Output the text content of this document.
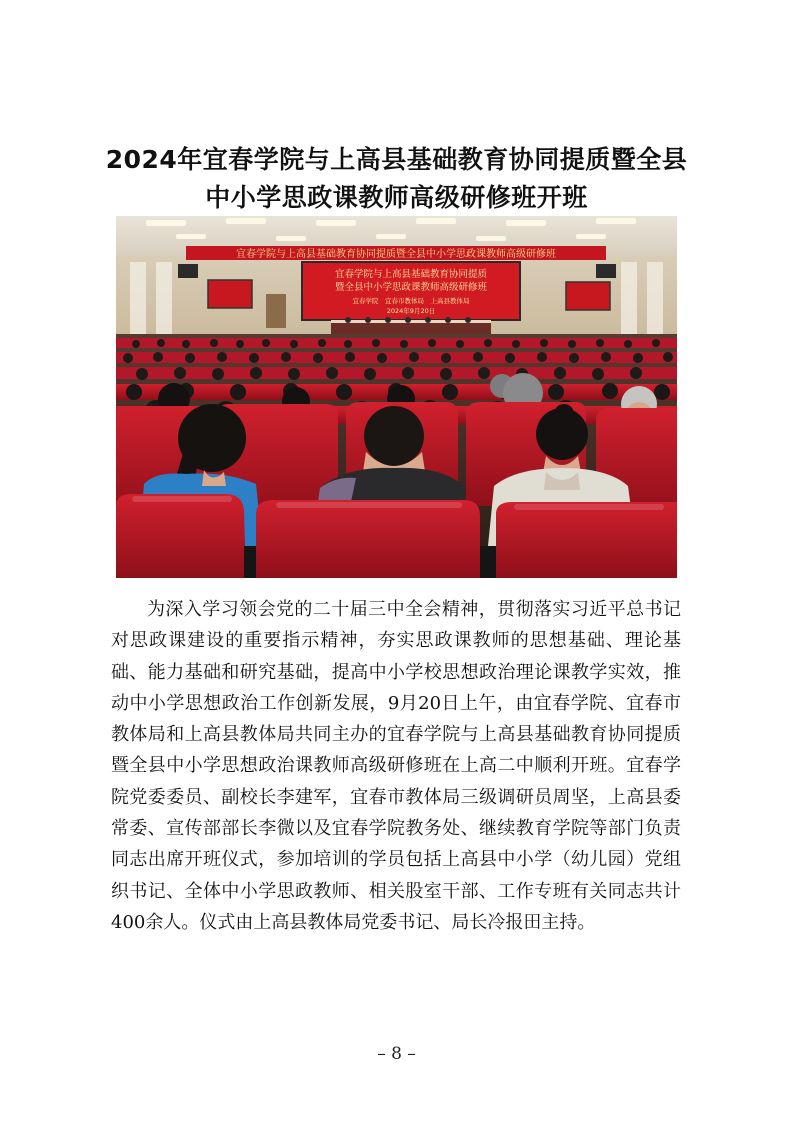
2024年宜春学院与上高县基础教育协同提质暨全县中小学思政课教师高级研修班开班
宜春学院与上高县基础教育协同提质暨全县中小学思政课教师高级研修班
宜春学院与上高县基础教育协同提质
暨全县中小学思政课教师高级研修班
宜春学院　宜春市教体局　上高县教体局
2024年9月20日

为深入学习领会党的二十届三中全会精神，贯彻落实习近平总书记对思政课建设的重要指示精神，夯实思政课教师的思想基础、理论基础、能力基础和研究基础，提高中小学校思想政治理论课教学实效，推动中小学思想政治工作创新发展，9月20日上午，由宜春学院、宜春市教体局和上高县教体局共同主办的宜春学院与上高县基础教育协同提质暨全县中小学思想政治课教师高级研修班在上高二中顺利开班。宜春学院党委委员、副校长李建军，宜春市教体局三级调研员周坚，上高县委常委、宣传部部长李微以及宜春学院教务处、继续教育学院等部门负责同志出席开班仪式，参加培训的学员包括上高县中小学（幼儿园）党组织书记、全体中小学思政教师、相关股室干部、工作专班有关同志共计400余人。仪式由上高县教体局党委书记、局长冷报田主持。

– 8 –
